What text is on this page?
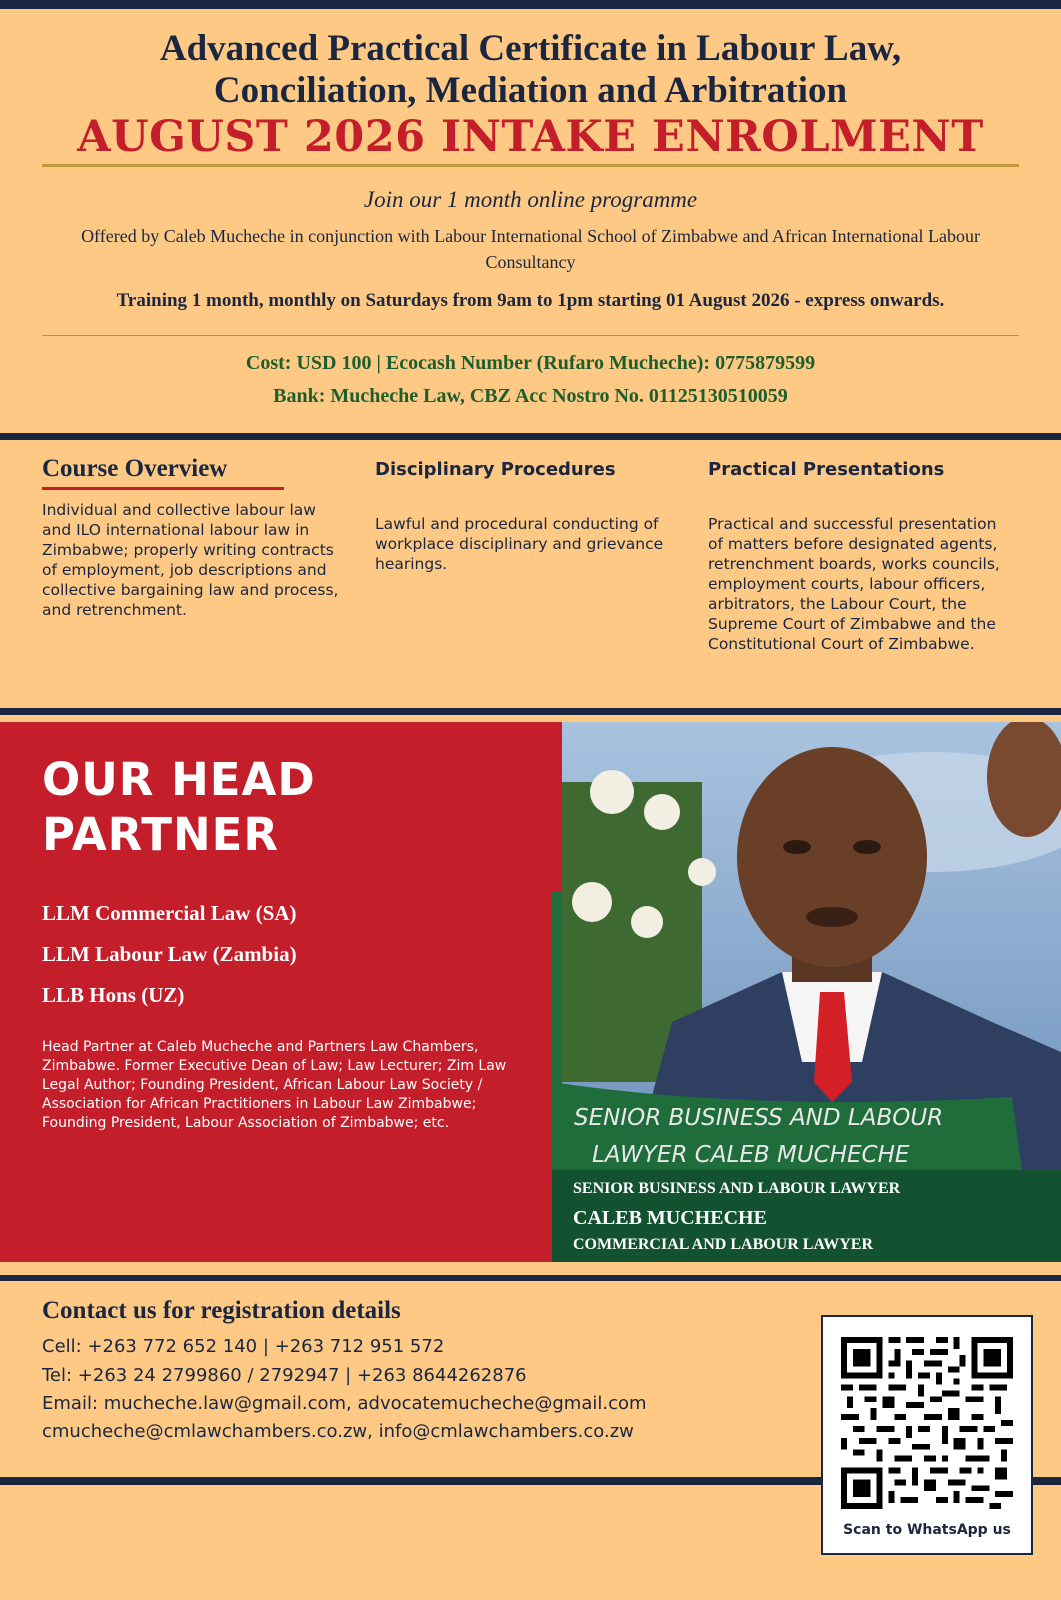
Advanced Practical Certificate in Labour Law,
Conciliation, Mediation and Arbitration
AUGUST 2026 INTAKE ENROLMENT
Join our 1 month online programme
Offered by Caleb Mucheche in conjunction with Labour International School of Zimbabwe and African International Labour Consultancy
Training 1 month, monthly on Saturdays from 9am to 1pm starting 01 August 2026 - express onwards.
Cost: USD 100 | Ecocash Number (Rufaro Mucheche): 0775879599
Bank: Mucheche Law, CBZ Acc Nostro No. 01125130510059
Course Overview

Individual and collective labour law and ILO international labour law in Zimbabwe; properly writing contracts of employment, job descriptions and collective bargaining law and process, and retrenchment.

Disciplinary Procedures

Lawful and procedural conducting of workplace disciplinary and grievance hearings.

Practical Presentations

Practical and successful presentation of matters before designated agents, retrenchment boards, works councils, employment courts, labour officers, arbitrators, the Labour Court, the Supreme Court of Zimbabwe and the Constitutional Court of Zimbabwe.

OUR HEAD
PARTNER
LLM Commercial Law (SA)
LLM Labour Law (Zambia)
LLB Hons (UZ)
Head Partner at Caleb Mucheche and Partners Law Chambers, Zimbabwe. Former Executive Dean of Law; Law Lecturer; Zim Law Legal Author; Founding President, African Labour Law Society / Association for African Practitioners in Labour Law Zimbabwe; Founding President, Labour Association of Zimbabwe; etc.	SENIOR BUSINESS AND LABOUR
LAWYER CALEB MUCHECHE
SENIOR BUSINESS AND LABOUR LAWYER
CALEB MUCHECHE
COMMERCIAL AND LABOUR LAWYER
Contact us for registration details
Cell: +263 772 652 140 | +263 712 951 572
Tel: +263 24 2799860 / 2792947 | +263 8644262876
Email: mucheche.law@gmail.com, advocatemucheche@gmail.com
cmucheche@cmlawchambers.co.zw, info@cmlawchambers.co.zw
Scan to WhatsApp us
